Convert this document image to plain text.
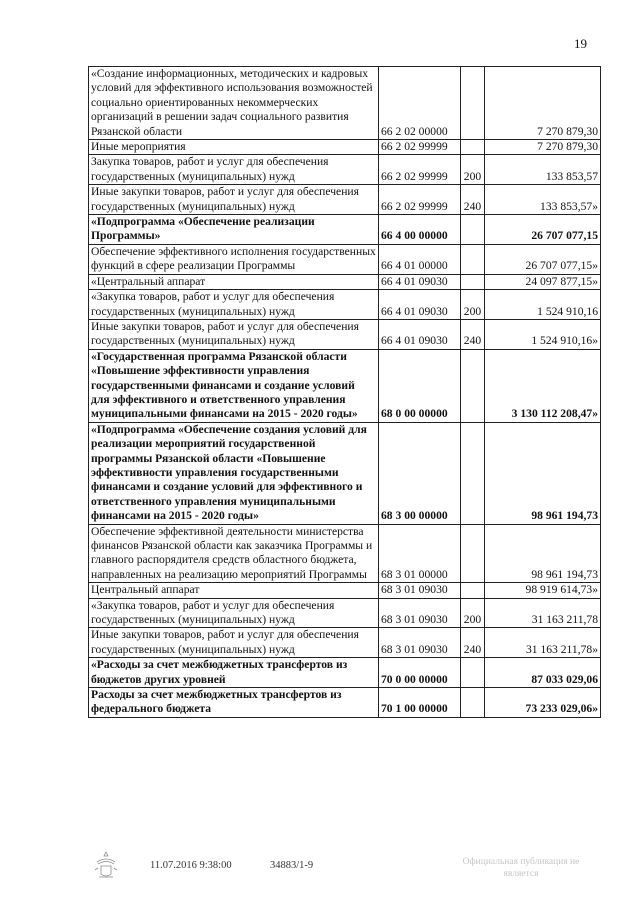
19
«Создание информационных, методических и кадровых условий для эффективного использования возможностей социально ориентированных некоммерческих организаций в решении задач социального развития Рязанской области	66 2 02 00000		7 270 879,30
Иные мероприятия	66 2 02 99999		7 270 879,30
Закупка товаров, работ и услуг для обеспечения государственных (муниципальных) нужд	66 2 02 99999	200	133 853,57
Иные закупки товаров, работ и услуг для обеспечения государственных (муниципальных) нужд	66 2 02 99999	240	133 853,57»
«Подпрограмма «Обеспечение реализации Программы»	66 4 00 00000		26 707 077,15
Обеспечение эффективного исполнения государственных функций в сфере реализации Программы	66 4 01 00000		26 707 077,15»
«Центральный аппарат	66 4 01 09030		24 097 877,15»
«Закупка товаров, работ и услуг для обеспечения государственных (муниципальных) нужд	66 4 01 09030	200	1 524 910,16
Иные закупки товаров, работ и услуг для обеспечения государственных (муниципальных) нужд	66 4 01 09030	240	1 524 910,16»
«Государственная программа Рязанской области «Повышение эффективности управления государственными финансами и создание условий для эффективного и ответственного управления муниципальными финансами на 2015 - 2020 годы»	68 0 00 00000		3 130 112 208,47»
«Подпрограмма «Обеспечение создания условий для реализации мероприятий государственной программы Рязанской области «Повышение эффективности управления государственными финансами и создание условий для эффективного и ответственного управления муниципальными финансами на 2015 - 2020 годы»	68 3 00 00000		98 961 194,73
Обеспечение эффективной деятельности министерства финансов Рязанской области как заказчика Программы и главного распорядителя средств областного бюджета, направленных на реализацию мероприятий Программы	68 3 01 00000		98 961 194,73
Центральный аппарат	68 3 01 09030		98 919 614,73»
«Закупка товаров, работ и услуг для обеспечения государственных (муниципальных) нужд	68 3 01 09030	200	31 163 211,78
Иные закупки товаров, работ и услуг для обеспечения государственных (муниципальных) нужд	68 3 01 09030	240	31 163 211,78»
«Расходы за счет межбюджетных трансфертов из бюджетов других уровней	70 0 00 00000		87 033 029,06
Расходы за счет межбюджетных трансфертов из федерального бюджета	70 1 00 00000		73 233 029,06»
11.07.2016 9:38:00	34883/1-9	Официальная публикация не является
